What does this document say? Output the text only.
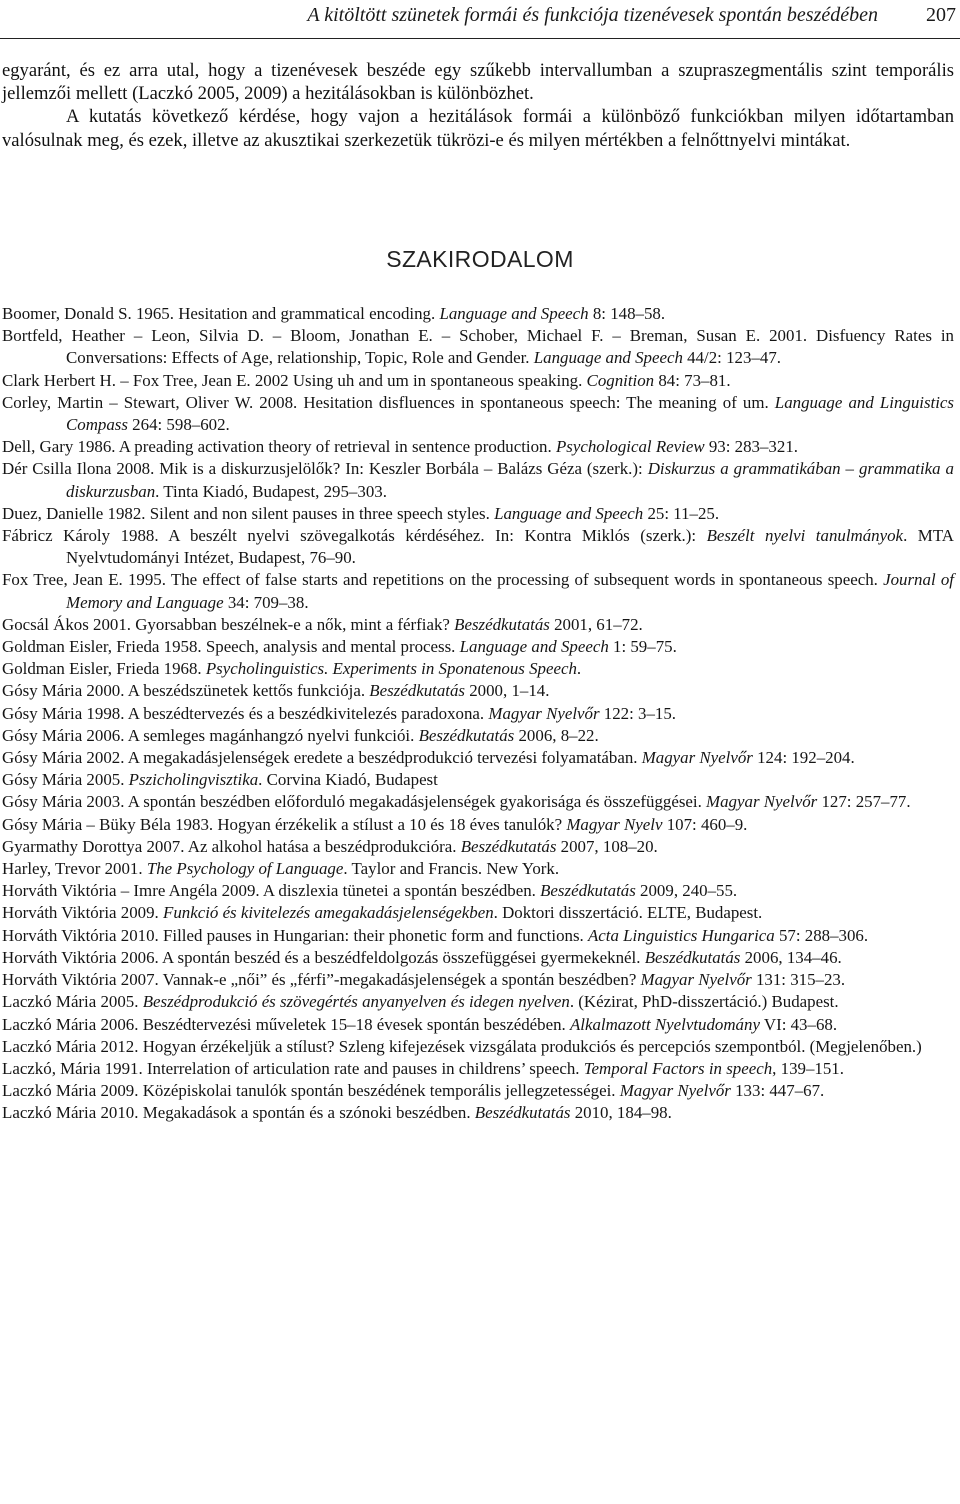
A kitöltött szünetek formái és funkciója tizenévesek spontán beszédében 207

egyaránt, és ez arra utal, hogy a tizenévesek beszéde egy szűkebb intervallumban a szupraszegmentális szint temporális jellemzői mellett (Laczkó 2005, 2009) a hezitálásokban is különbözhet.

A kutatás következő kérdése, hogy vajon a hezitálások formái a különböző funkciókban milyen időtartamban valósulnak meg, és ezek, illetve az akusztikai szerkezetük tükrözi-e és milyen mértékben a felnőttnyelvi mintákat.

SZAKIRODALOM
Boomer, Donald S. 1965. Hesitation and grammatical encoding. Language and Speech 8: 148–58.
Bortfeld, Heather – Leon, Silvia D. – Bloom, Jonathan E. – Schober, Michael F. – Breman, Susan E. 2001. Disfuency Rates in Conversations: Effects of Age, relationship, Topic, Role and Gender. Language and Speech 44/2: 123–47.
Clark Herbert H. – Fox Tree, Jean E. 2002 Using uh and um in spontaneous speaking. Cognition 84: 73–81.
Corley, Martin – Stewart, Oliver W. 2008. Hesitation disfluences in spontaneous speech: The meaning of um. Language and Linguistics Compass 264: 598–602.
Dell, Gary 1986. A preading activation theory of retrieval in sentence production. Psychological Review 93: 283–321.
Dér Csilla Ilona 2008. Mik is a diskurzusjelölők? In: Keszler Borbála – Balázs Géza (szerk.): Diskurzus a grammatikában – grammatika a diskurzusban. Tinta Kiadó, Budapest, 295–303.
Duez, Danielle 1982. Silent and non silent pauses in three speech styles. Language and Speech 25: 11–25.
Fábricz Károly 1988. A beszélt nyelvi szövegalkotás kérdéséhez. In: Kontra Miklós (szerk.): Beszélt nyelvi tanulmányok. MTA Nyelvtudományi Intézet, Budapest, 76–90.
Fox Tree, Jean E. 1995. The effect of false starts and repetitions on the processing of subsequent words in spontaneous speech. Journal of Memory and Language 34: 709–38.
Gocsál Ákos 2001. Gyorsabban beszélnek-e a nők, mint a férfiak? Beszédkutatás 2001, 61–72.
Goldman Eisler, Frieda 1958. Speech, analysis and mental process. Language and Speech 1: 59–75.
Goldman Eisler, Frieda 1968. Psycholinguistics. Experiments in Sponatenous Speech.
Gósy Mária 2000. A beszédszünetek kettős funkciója. Beszédkutatás 2000, 1–14.
Gósy Mária 1998. A beszédtervezés és a beszédkivitelezés paradoxona. Magyar Nyelvőr 122: 3–15.
Gósy Mária 2006. A semleges magánhangzó nyelvi funkciói. Beszédkutatás 2006, 8–22.
Gósy Mária 2002. A megakadásjelenségek eredete a beszédprodukció tervezési folyamatában. Magyar Nyelvőr 124: 192–204.
Gósy Mária 2005. Pszicholingvisztika. Corvina Kiadó, Budapest
Gósy Mária 2003. A spontán beszédben előforduló megakadásjelenségek gyakorisága és összefüggései. Magyar Nyelvőr 127: 257–77.
Gósy Mária – Büky Béla 1983. Hogyan érzékelik a stílust a 10 és 18 éves tanulók? Magyar Nyelv 107: 460–9.
Gyarmathy Dorottya 2007. Az alkohol hatása a beszédprodukcióra. Beszédkutatás 2007, 108–20.
Harley, Trevor 2001. The Psychology of Language. Taylor and Francis. New York.
Horváth Viktória – Imre Angéla 2009. A diszlexia tünetei a spontán beszédben. Beszédkutatás 2009, 240–55.
Horváth Viktória 2009. Funkció és kivitelezés amegakadásjelenségekben. Doktori disszertáció. ELTE, Budapest.
Horváth Viktória 2010. Filled pauses in Hungarian: their phonetic form and functions. Acta Linguistics Hungarica 57: 288–306.
Horváth Viktória 2006. A spontán beszéd és a beszédfeldolgozás összefüggései gyermekeknél. Beszédkutatás 2006, 134–46.
Horváth Viktória 2007. Vannak-e „női” és „férfi”-megakadásjelenségek a spontán beszédben? Magyar Nyelvőr 131: 315–23.
Laczkó Mária 2005. Beszédprodukció és szövegértés anyanyelven és idegen nyelven. (Kézirat, PhD-disszertáció.) Budapest.
Laczkó Mária 2006. Beszédtervezési műveletek 15–18 évesek spontán beszédében. Alkalmazott Nyelvtudomány VI: 43–68.
Laczkó Mária 2012. Hogyan érzékeljük a stílust? Szleng kifejezések vizsgálata produkciós és percepciós szempontból. (Megjelenőben.)
Laczkó, Mária 1991. Interrelation of articulation rate and pauses in childrens’ speech. Temporal Factors in speech, 139–151.
Laczkó Mária 2009. Középiskolai tanulók spontán beszédének temporális jellegzetességei. Magyar Nyelvőr 133: 447–67.
Laczkó Mária 2010. Megakadások a spontán és a szónoki beszédben. Beszédkutatás 2010, 184–98.
